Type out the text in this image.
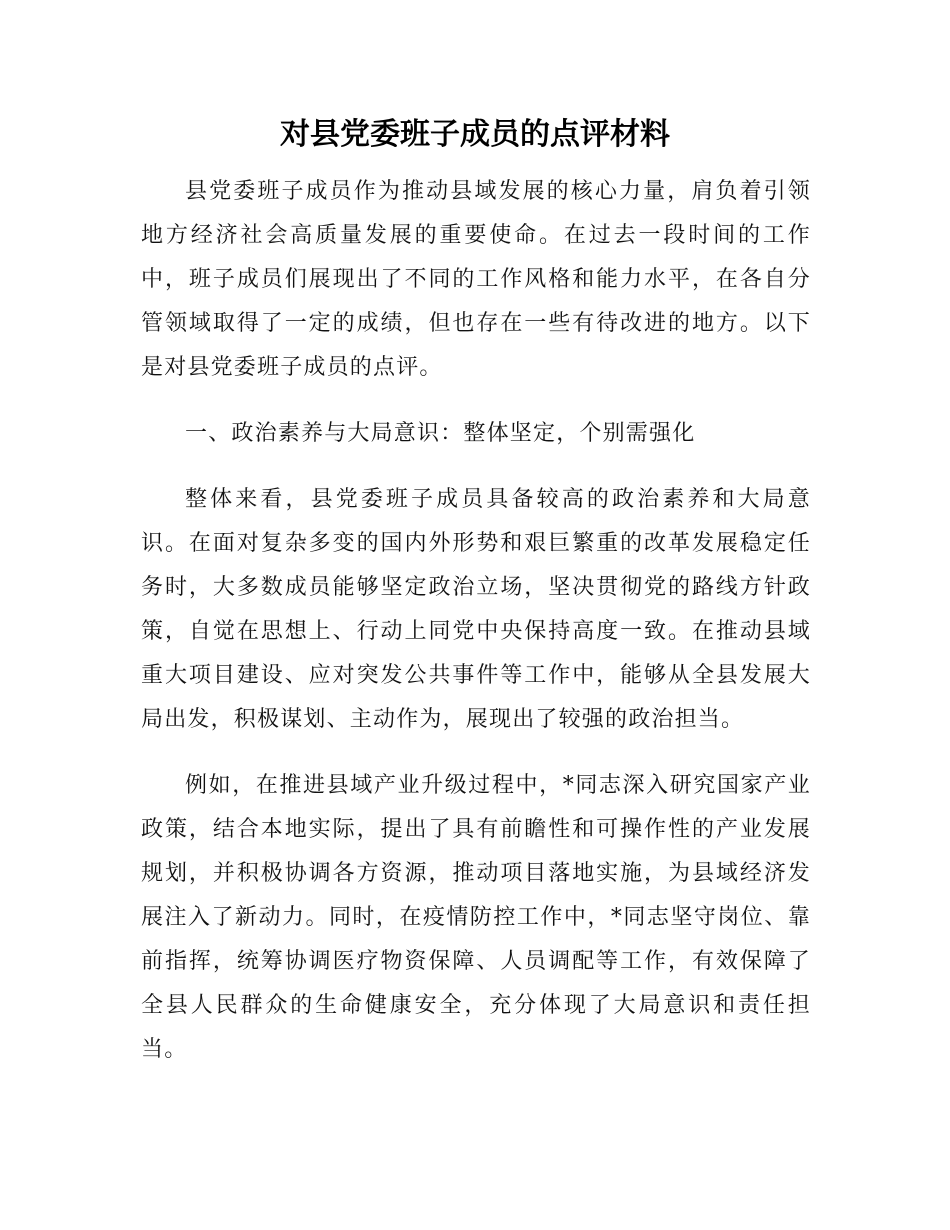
对县党委班子成员的点评材料

县党委班子成员作为推动县域发展的核心力量，肩负着引领地方经济社会高质量发展的重要使命。在过去一段时间的工作中，班子成员们展现出了不同的工作风格和能力水平，在各自分管领域取得了一定的成绩，但也存在一些有待改进的地方。以下是对县党委班子成员的点评。

一、政治素养与大局意识：整体坚定，个别需强化

整体来看，县党委班子成员具备较高的政治素养和大局意识。在面对复杂多变的国内外形势和艰巨繁重的改革发展稳定任务时，大多数成员能够坚定政治立场，坚决贯彻党的路线方针政策，自觉在思想上、行动上同党中央保持高度一致。在推动县域重大项目建设、应对突发公共事件等工作中，能够从全县发展大局出发，积极谋划、主动作为，展现出了较强的政治担当。

例如，在推进县域产业升级过程中，*同志深入研究国家产业政策，结合本地实际，提出了具有前瞻性和可操作性的产业发展规划，并积极协调各方资源，推动项目落地实施，为县域经济发展注入了新动力。同时，在疫情防控工作中，*同志坚守岗位、靠前指挥，统筹协调医疗物资保障、人员调配等工作，有效保障了全县人民群众的生命健康安全，充分体现了大局意识和责任担当。
